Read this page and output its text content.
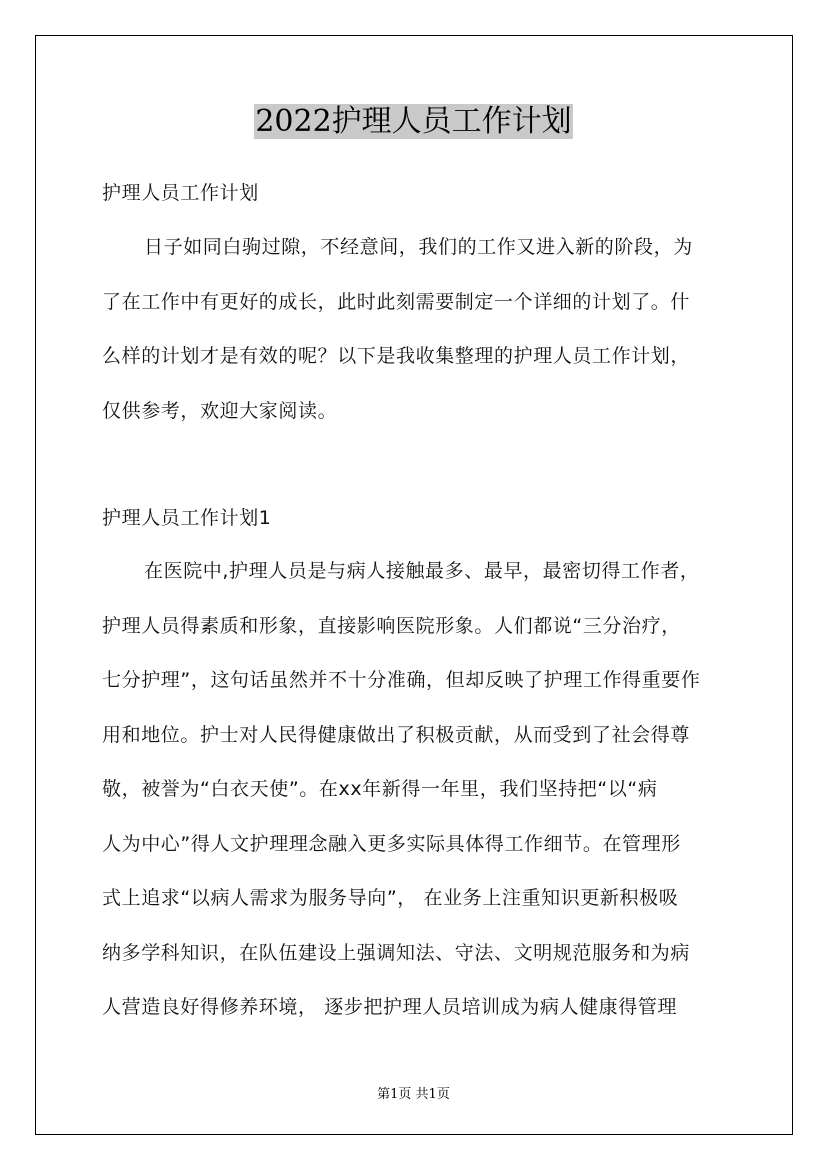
2022护理人员工作计划
护理人员工作计划
日子如同白驹过隙，不经意间，我们的工作又进入新的阶段，为
了在工作中有更好的成长，此时此刻需要制定一个详细的计划了。什
么样的计划才是有效的呢？以下是我收集整理的护理人员工作计划，
仅供参考，欢迎大家阅读。
护理人员工作计划1
在医院中,护理人员是与病人接触最多、最早，最密切得工作者，
护理人员得素质和形象，直接影响医院形象。人们都说“三分治疗，
七分护理”，这句话虽然并不十分准确，但却反映了护理工作得重要作
用和地位。护士对人民得健康做出了积极贡献，从而受到了社会得尊
敬，被誉为“白衣天使”。在xx年新得一年里，我们坚持把“以“病
人为中心”得人文护理理念融入更多实际具体得工作细节。在管理形
式上追求“以病人需求为服务导向”， 在业务上注重知识更新积极吸
纳多学科知识，在队伍建设上强调知法、守法、文明规范服务和为病
人营造良好得修养环境， 逐步把护理人员培训成为病人健康得管理
第1页 共1页
